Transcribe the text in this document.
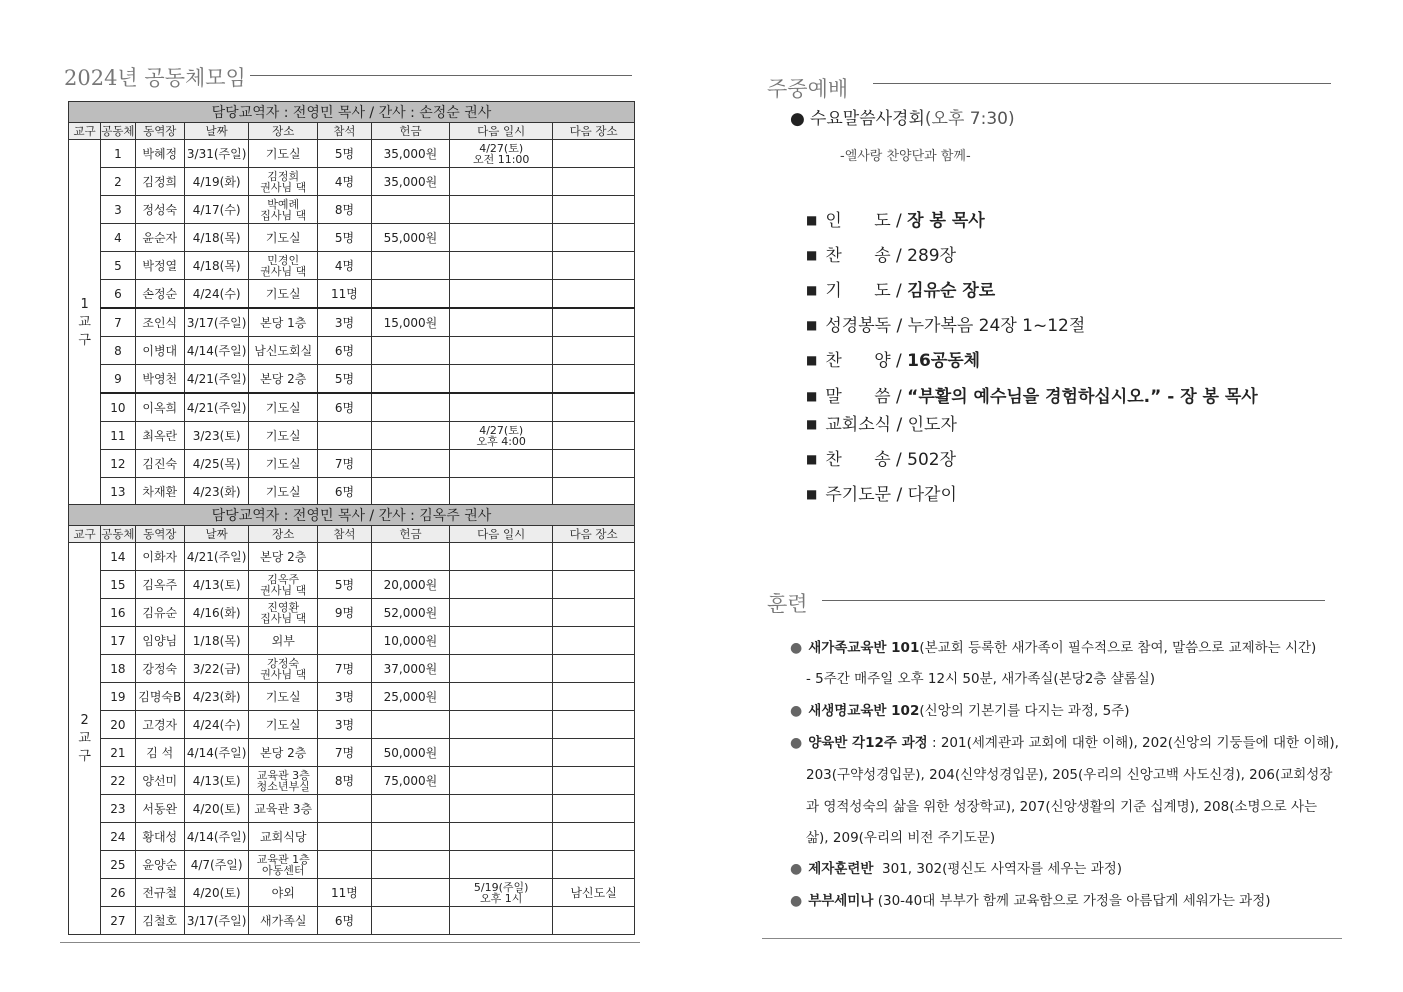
2024년 공동체모임
담당교역자 : 전영민 목사 / 간사 : 손정순 권사								
교구	공동체	동역장	날짜	장소	참석	헌금	다음 일시	다음 장소
1
교
구	1	박혜정	3/31(주일)	기도실	5명	35,000원	4/27(토)
오전 11:00	
	2	김정희	4/19(화)	김정희
권사님 댁	4명	35,000원		
	3	정성숙	4/17(수)	박예례
집사님 댁	8명			
	4	윤순자	4/18(목)	기도실	5명	55,000원		
	5	박정열	4/18(목)	민경인
권사님 댁	4명			
	6	손정순	4/24(수)	기도실	11명			
	7	조인식	3/17(주일)	본당 1층	3명	15,000원		
	8	이병대	4/14(주일)	남신도회실	6명			
	9	박영천	4/21(주일)	본당 2층	5명			
	10	이옥희	4/21(주일)	기도실	6명			
	11	최옥란	3/23(토)	기도실			4/27(토)
오후 4:00	
	12	김진숙	4/25(목)	기도실	7명			
	13	차재환	4/23(화)	기도실	6명			
담당교역자 : 전영민 목사 / 간사 : 김옥주 권사								
교구	공동체	동역장	날짜	장소	참석	헌금	다음 일시	다음 장소
2
교
구	14	이화자	4/21(주일)	본당 2층				
	15	김옥주	4/13(토)	김옥주
권사님 댁	5명	20,000원		
	16	김유순	4/16(화)	진영환
집사님 댁	9명	52,000원		
	17	임양님	1/18(목)	외부		10,000원		
	18	강정숙	3/22(금)	강정숙
권사님 댁	7명	37,000원		
	19	김명숙B	4/23(화)	기도실	3명	25,000원		
	20	고경자	4/24(수)	기도실	3명			
	21	김 석	4/14(주일)	본당 2층	7명	50,000원		
	22	양선미	4/13(토)	교육관 3층
청소년부실	8명	75,000원		
	23	서동완	4/20(토)	교육관 3층				
	24	황대성	4/14(주일)	교회식당				
	25	윤양순	4/7(주일)	교육관 1층
아동센터				
	26	전규철	4/20(토)	야외	11명		5/19(주일)
오후 1시	남신도실
	27	김철호	3/17(주일)	새가족실	6명			
주중예배
● 수요말씀사경회(오후 7:30)
-엘사랑 찬양단과 함께-
■ 인      도 / 장 봉 목사
■ 찬      송 / 289장
■ 기      도 / 김유순 장로
■ 성경봉독 / 누가복음 24장 1~12절
■ 찬      양 / 16공동체
■ 말      씀 / “부활의 예수님을 경험하십시오.” - 장 봉 목사
■ 교회소식 / 인도자
■ 찬      송 / 502장
■ 주기도문 / 다같이
훈련
● 새가족교육반 101(본교회 등록한 새가족이 필수적으로 참여, 말씀으로 교제하는 시간)
- 5주간 매주일 오후 12시 50분, 새가족실(본당2층 샬롬실)
● 새생명교육반 102(신앙의 기본기를 다지는 과정, 5주)
● 양육반 각12주 과정 : 201(세계관과 교회에 대한 이해), 202(신앙의 기둥들에 대한 이해),
203(구약성경입문), 204(신약성경입문), 205(우리의 신앙고백 사도신경), 206(교회성장
과 영적성숙의 삶을 위한 성장학교), 207(신앙생활의 기준 십계명), 208(소명으로 사는
삶), 209(우리의 비전 주기도문)
● 제자훈련반  301, 302(평신도 사역자를 세우는 과정)
● 부부세미나 (30-40대 부부가 함께 교육함으로 가정을 아름답게 세워가는 과정)
